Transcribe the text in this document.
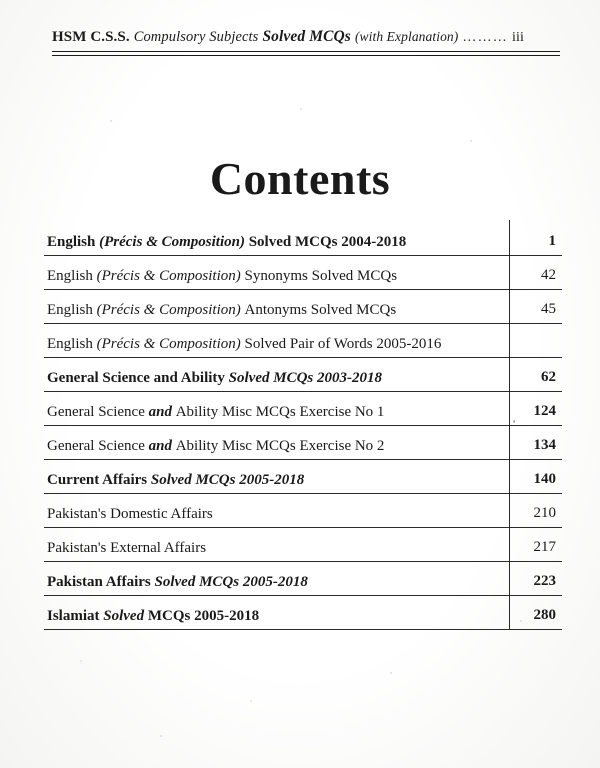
HSM C.S.S. Compulsory Subjects Solved MCQs (with Explanation) ……… iii
Contents
English (Précis & Composition) Solved MCQs 2004-2018	1
English (Précis & Composition) Synonyms Solved MCQs	42
English (Précis & Composition) Antonyms Solved MCQs	45
English (Précis & Composition) Solved Pair of Words 2005-2016
General Science and Ability Solved MCQs 2003-2018	62
General Science and Ability Misc MCQs Exercise No 1	124
General Science and Ability Misc MCQs Exercise No 2	134
Current Affairs Solved MCQs 2005-2018	140
Pakistan's Domestic Affairs	210
Pakistan's External Affairs	217
Pakistan Affairs Solved MCQs 2005-2018	223
Islamiat Solved MCQs 2005-2018	280
‘
